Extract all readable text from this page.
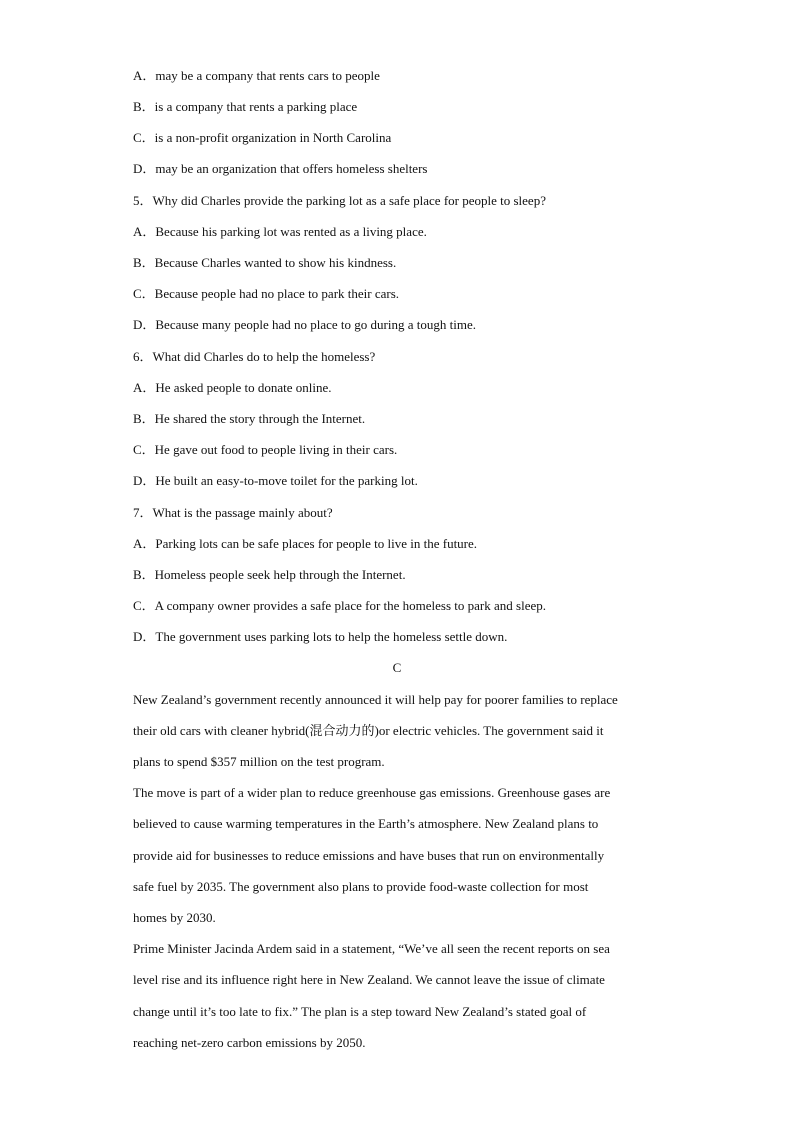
A．may be a company that rents cars to people
B．is a company that rents a parking place
C．is a non-profit organization in North Carolina
D．may be an organization that offers homeless shelters
5．Why did Charles provide the parking lot as a safe place for people to sleep?
A．Because his parking lot was rented as a living place.
B．Because Charles wanted to show his kindness.
C．Because people had no place to park their cars.
D．Because many people had no place to go during a tough time.
6．What did Charles do to help the homeless?
A．He asked people to donate online.
B．He shared the story through the Internet.
C．He gave out food to people living in their cars.
D．He built an easy-to-move toilet for the parking lot.
7．What is the passage mainly about?
A．Parking lots can be safe places for people to live in the future.
B．Homeless people seek help through the Internet.
C．A company owner provides a safe place for the homeless to park and sleep.
D．The government uses parking lots to help the homeless settle down.
C
New Zealand’s government recently announced it will help pay for poorer families to replace
their old cars with cleaner hybrid(混合动力的)or electric vehicles. The government said it
plans to spend $357 million on the test program.
The move is part of a wider plan to reduce greenhouse gas emissions. Greenhouse gases are
believed to cause warming temperatures in the Earth’s atmosphere. New Zealand plans to
provide aid for businesses to reduce emissions and have buses that run on environmentally
safe fuel by 2035. The government also plans to provide food-waste collection for most
homes by 2030.
Prime Minister Jacinda Ardem said in a statement, “We’ve all seen the recent reports on sea
level rise and its influence right here in New Zealand. We cannot leave the issue of climate
change until it’s too late to fix.” The plan is a step toward New Zealand’s stated goal of
reaching net-zero carbon emissions by 2050.
